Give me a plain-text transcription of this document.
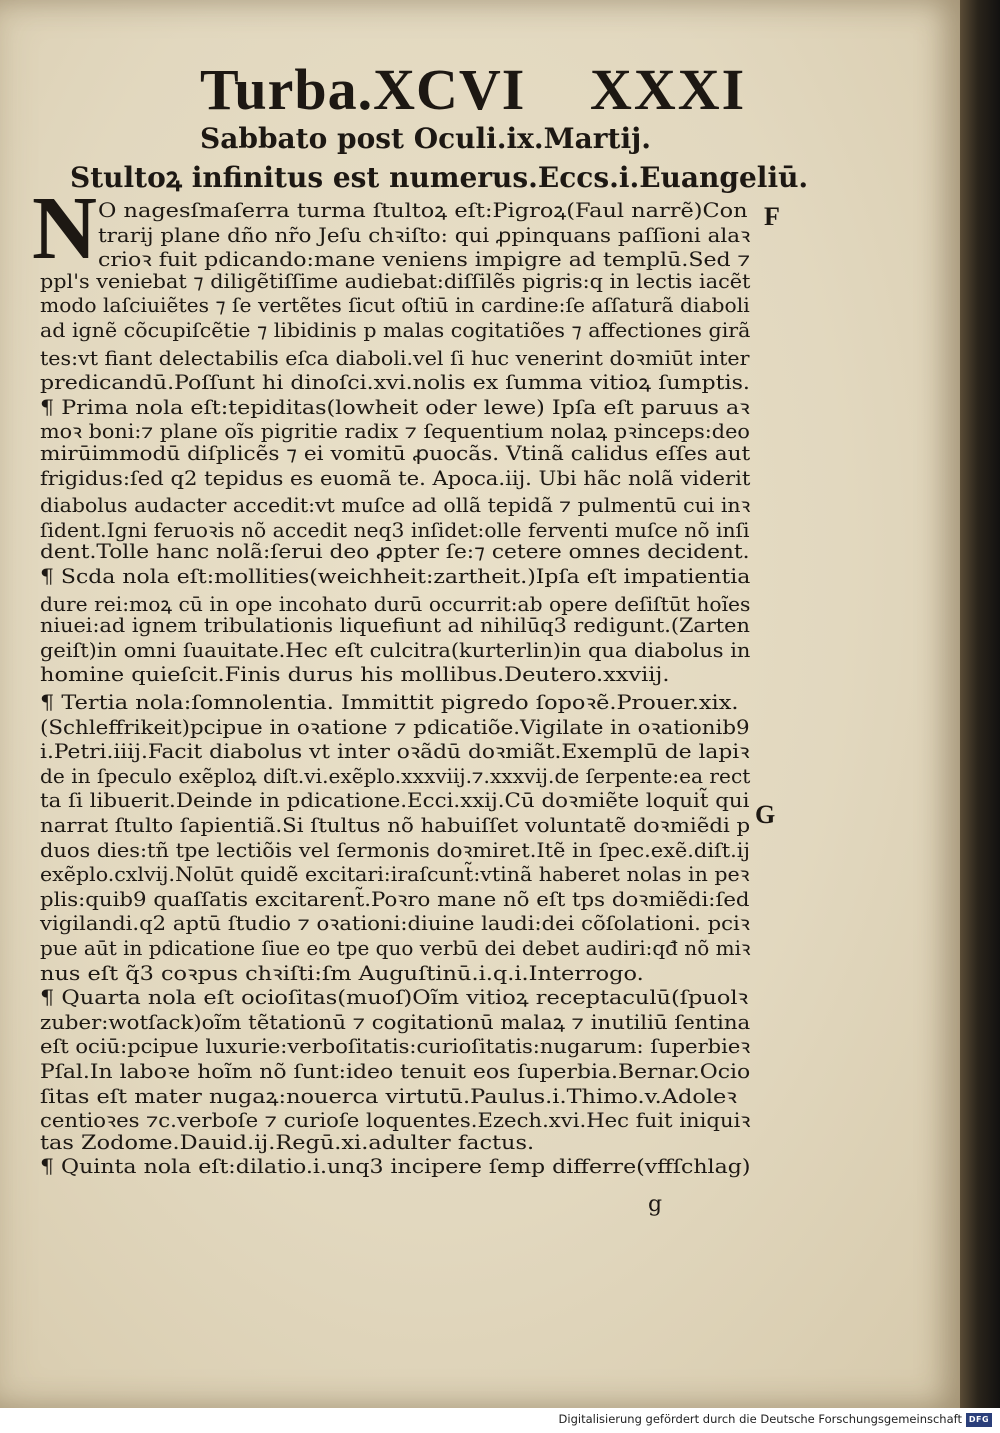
Turba.XCVI XXXI
Sabbato post Oculi.ix.Martij.
Stultoꝝ infinitus est numerus.Eccs.i.Euangeliū.
N O nagesſmaſerra turma ſtultoꝝ eſt:Pigroꝝ(Faul narrẽ)Con
trarij plane dño nr̃o Jeſu chꝛiſto: qui ꝓpinquans paſſioni alaꝛ
crioꝛ fuit pdicando:mane veniens impigre ad templū.Sed ⁊
ppl's veniebat ⁊ diligẽtiſſime audiebat:diſſilẽs pigris:q in lectis iacẽt
modo laſciuiẽtes ⁊ ſe vertẽtes ſicut oſtiū in cardine:ſe aſſaturã diaboli
ad ignẽ cõcupiſcẽtie ⁊ libidinis p malas cogitatiões ⁊ affectiones girã
tes:vt fiant delectabilis eſca diaboli.vel ſi huc venerint doꝛmiūt inter
predicandū.Poſſunt hi dinoſci.xvi.nolis ex ſumma vitioꝝ ſumptis.
¶ Prima nola eſt:tepiditas(lowheit oder lewe) Ipſa eſt paruus aꝛ
moꝛ boni:⁊ plane oĩs pigritie radix ⁊ ſequentium nolaꝝ pꝛinceps:deo
mirūimmodū diſplicẽs ⁊ ei vomitū ꝓuocãs. Vtinã calidus eſſes aut
frigidus:ſed q2 tepidus es euomã te. Apoca.iij. Ubi hãc nolã viderit
diabolus audacter accedit:vt muſce ad ollã tepidã ⁊ pulmentū cui inꝛ
ſident.Igni feruoꝛis nõ accedit neq3 inſidet:olle ferventi muſce nõ inſi
dent.Tolle hanc nolã:ſerui deo ꝓpter ſe:⁊ cetere omnes decident.
¶ Scda nola eſt:mollities(weichheit:zartheit.)Ipſa eſt impatientia
dure rei:moꝝ cū in ope incohato durū occurrit:ab opere deſiſtūt hoĩes
niuei:ad ignem tribulationis liquefiunt ad nihilūq3 redigunt.(Zarten
geiſt)in omni ſuauitate.Hec eſt culcitra(kurterlin)in qua diabolus in
homine quieſcit.Finis durus his mollibus.Deutero.xxviij.
¶ Tertia nola:ſomnolentia. Immittit pigredo ſopoꝛẽ.Prouer.xix.
(Schleffrikeit)pcipue in oꝛatione ⁊ pdicatiõe.Vigilate in oꝛationib9
i.Petri.iiij.Facit diabolus vt inter oꝛãdū doꝛmiãt.Exemplū de lapiꝛ
de in ſpeculo exẽploꝝ diſt.vi.exẽplo.xxxviij.⁊.xxxvij.de ſerpente:ea rect
ta ſi libuerit.Deinde in pdicatione.Ecci.xxij.Cū doꝛmiẽte loquit̃ qui
narrat ſtulto ſapientiã.Si ſtultus nõ habuiſſet voluntatẽ doꝛmiẽdi p
duos dies:tñ tpe lectiõis vel ſermonis doꝛmiret.Itẽ in ſpec.exẽ.diſt.ij
exẽplo.cxlvij.Nolūt quidẽ excitari:iraſcunt̃:vtinã haberet nolas in peꝛ
plis:quib9 quaſſatis excitarent̃.Poꝛro mane nõ eſt tps doꝛmiẽdi:ſed
vigilandi.q2 aptū ſtudio ⁊ oꝛationi:diuine laudi:dei cõſolationi. pciꝛ
pue aūt in pdicatione ſiue eo tpe quo verbū dei debet audiri:qđ nõ miꝛ
nus eſt q̃3 coꝛpus chꝛiſti:ſm Auguſtinū.i.q.i.Interrogo.
¶ Quarta nola eſt ocioſitas(muoſ)Oĩm vitioꝝ receptaculū(ſpuolꝛ
zuber:wotſack)oĩm tẽtationū ⁊ cogitationū malaꝝ ⁊ inutiliū ſentina
eſt ociū:pcipue luxurie:verboſitatis:curioſitatis:nugarum: ſuperbieꝛ
Pſal.In laboꝛe hoĩm nõ ſunt:ideo tenuit eos ſuperbia.Bernar.Ocio
ſitas eſt mater nugaꝝ:nouerca virtutū.Paulus.i.Thimo.v.Adoleꝛ
centioꝛes ⁊c.verboſe ⁊ curioſe loquentes.Ezech.xvi.Hec fuit iniquiꝛ
tas Zodome.Dauid.ij.Regū.xi.adulter factus.
¶ Quinta nola eſt:dilatio.i.unq3 incipere ſemp differre(vffſchlag)
F
G
g
Digitalisierung gefördert durch die Deutsche Forschungsgemeinschaft DFG
